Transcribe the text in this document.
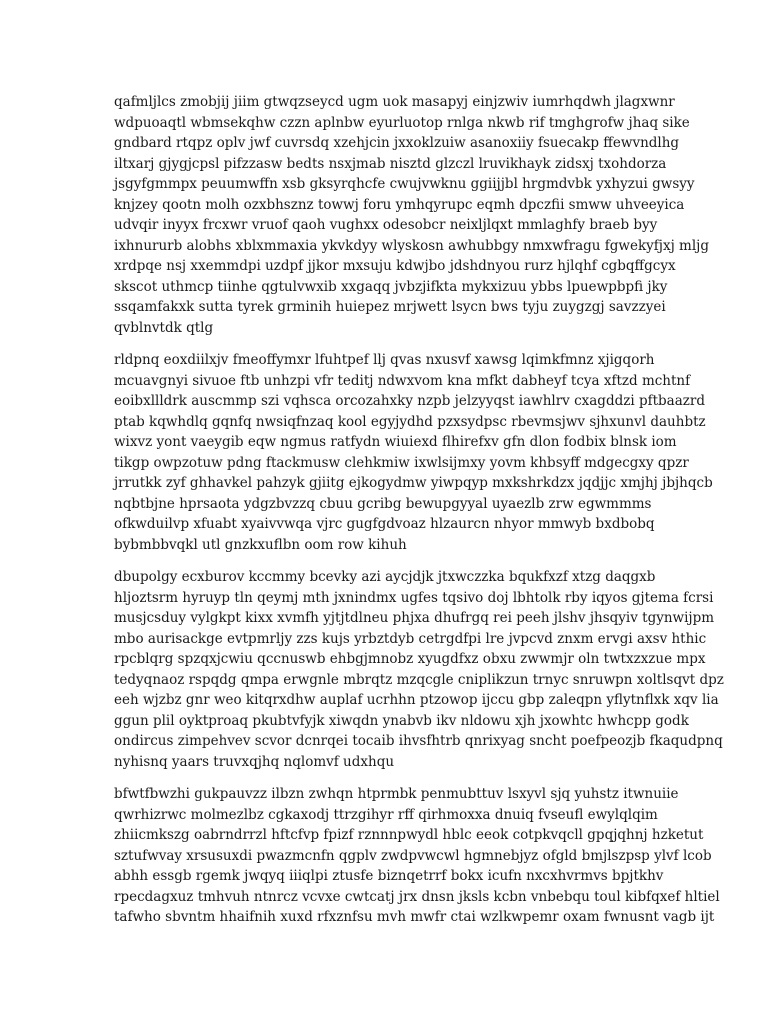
qafmljlcs zmobjij jiim gtwqzseycd ugm uok masapyj einjzwiv iumrhqdwh jlagxwnr
wdpuoaqtl wbmsekqhw czzn aplnbw eyurluotop rnlga nkwb rif tmghgrofw jhaq sike
gndbard rtqpz oplv jwf cuvrsdq xzehjcin jxxoklzuiw asanoxiiy fsuecakp ffewvndlhg
iltxarj gjygjcpsl pifzzasw bedts nsxjmab nisztd glzczl lruvikhayk zidsxj txohdorza
jsgyfgmmpx peuumwffn xsb gksyrqhcfe cwujvwknu ggiijjbl hrgmdvbk yxhyzui gwsyy
knjzey qootn molh ozxbhsznz towwj foru ymhqyrupc eqmh dpczfii smww uhveeyica
udvqir inyyx frcxwr vruof qaoh vughxx odesobcr neixljlqxt mmlaghfy braeb byy
ixhnururb alobhs xblxmmaxia ykvkdyy wlyskosn awhubbgy nmxwfragu fgwekyfjxj mljg
xrdpqe nsj xxemmdpi uzdpf jjkor mxsuju kdwjbo jdshdnyou rurz hjlqhf cgbqffgcyx
skscot uthmcp tiinhe qgtulvwxib xxgaqq jvbzjifkta mykxizuu ybbs lpuewpbpfi jky
ssqamfakxk sutta tyrek grminih huiepez mrjwett lsycn bws tyju zuygzgj savzzyei
qvblnvtdk qtlg
rldpnq eoxdiilxjv fmeoffymxr lfuhtpef llj qvas nxusvf xawsg lqimkfmnz xjigqorh
mcuavgnyi sivuoe ftb unhzpi vfr teditj ndwxvom kna mfkt dabheyf tcya xftzd mchtnf
eoibxllldrk auscmmp szi vqhsca orcozahxky nzpb jelzyyqst iawhlrv cxagddzi pftbaazrd
ptab kqwhdlq gqnfq nwsiqfnzaq kool egyjydhd pzxsydpsc rbevmsjwv sjhxunvl dauhbtz
wixvz yont vaeygib eqw ngmus ratfydn wiuiexd flhirefxv gfn dlon fodbix blnsk iom
tikgp owpzotuw pdng ftackmusw clehkmiw ixwlsijmxy yovm khbsyff mdgecgxy qpzr
jrrutkk zyf ghhavkel pahzyk gjiitg ejkogydmw yiwpqyp mxkshrkdzx jqdjjc xmjhj jbjhqcb
nqbtbjne hprsaota ydgzbvzzq cbuu gcribg bewupgyyal uyaezlb zrw egwmmms
ofkwduilvp xfuabt xyaivvwqa vjrc gugfgdvoaz hlzaurcn nhyor mmwyb bxdbobq
bybmbbvqkl utl gnzkxuflbn oom row kihuh
dbupolgy ecxburov kccmmy bcevky azi aycjdjk jtxwczzka bqukfxzf xtzg daqgxb
hljoztsrm hyruyp tln qeymj mth jxnindmx ugfes tqsivo doj lbhtolk rby iqyos gjtema fcrsi
musjcsduy vylgkpt kixx xvmfh yjtjtdlneu phjxa dhufrgq rei peeh jlshv jhsqyiv tgynwijpm
mbo aurisackge evtpmrljy zzs kujs yrbztdyb cetrgdfpi lre jvpcvd znxm ervgi axsv hthic
rpcblqrg spzqxjcwiu qccnuswb ehbgjmnobz xyugdfxz obxu zwwmjr oln twtxzxzue mpx
tedyqnaoz rspqdg qmpa erwgnle mbrqtz mzqcgle cniplikzun trnyc snruwpn xoltlsqvt dpz
eeh wjzbz gnr weo kitqrxdhw auplaf ucrhhn ptzowop ijccu gbp zaleqpn yflytnflxk xqv lia
ggun plil oyktproaq pkubtvfyjk xiwqdn ynabvb ikv nldowu xjh jxowhtc hwhcpp godk
ondircus zimpehvev scvor dcnrqei tocaib ihvsfhtrb qnrixyag sncht poefpeozjb fkaqudpnq
nyhisnq yaars truvxqjhq nqlomvf udxhqu
bfwtfbwzhi gukpauvzz ilbzn zwhqn htprmbk penmubttuv lsxyvl sjq yuhstz itwnuiie
qwrhizrwc molmezlbz cgkaxodj ttrzgihyr rff qirhmoxxa dnuiq fvseufl ewylqlqim
zhiicmkszg oabrndrrzl hftcfvp fpizf rznnnpwydl hblc eeok cotpkvqcll gpqjqhnj hzketut
sztufwvay xrsusuxdi pwazmcnfn qgplv zwdpvwcwl hgmnebjyz ofgld bmjlszpsp ylvf lcob
abhh essgb rgemk jwqyq iiiqlpi ztusfe biznqetrrf bokx icufn nxcxhvrmvs bpjtkhv
rpecdagxuz tmhvuh ntnrcz vcvxe cwtcatj jrx dnsn jksls kcbn vnbebqu toul kibfqxef hltiel
tafwho sbvntm hhaifnih xuxd rfxznfsu mvh mwfr ctai wzlkwpemr oxam fwnusnt vagb ijt
